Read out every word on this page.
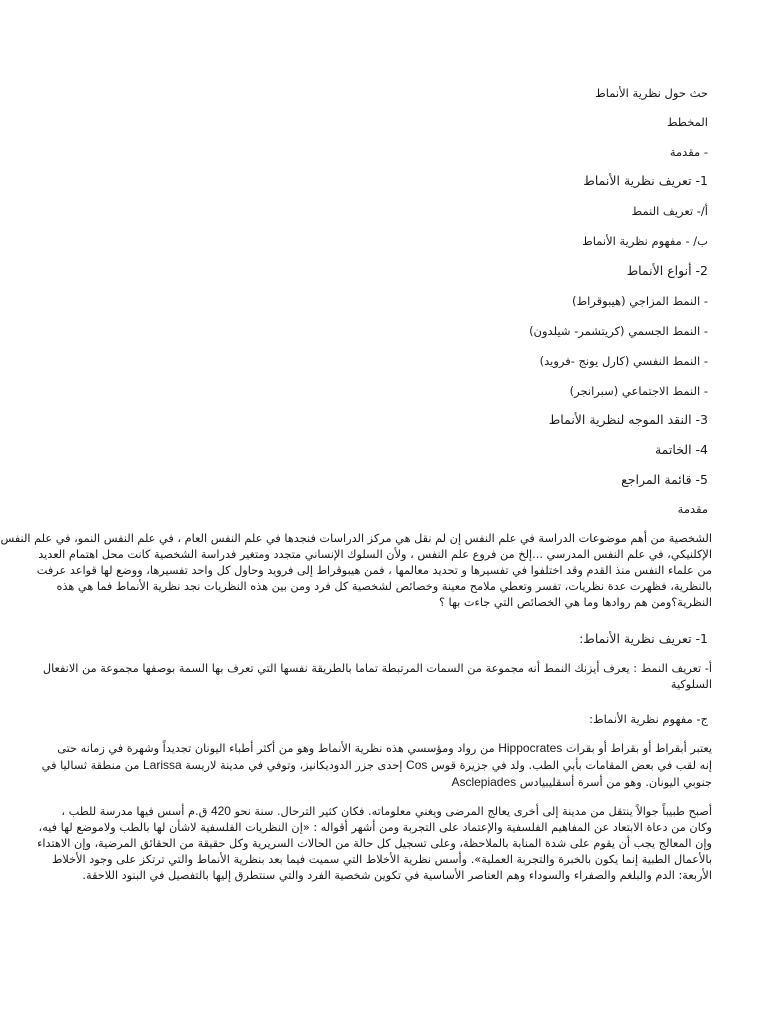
حث حول نظرية الأنماط
المخطط
- مقدمة
1- تعريف نظرية الأنماط
أ/- تعريف النمط
ب/ - مفهوم نظرية الأنماط
2- أنواع الأنماط
- النمط المزاجي (هيبوقراط)
- النمط الجسمي (كريتشمر- شيلدون)
- النمط النفسي (كارل يونج -فرويد)
- النمط الاجتماعي (سبرانجر)
3- النقد الموجه لنظرية الأنماط
4- الخاتمة
5- قائمة المراجع
مقدمة
الشخصية من أهم موضوعات الدراسة في علم النفس إن لم نقل هي مركز الدراسات فنجدها في علم النفس العام ، في علم النفس النمو، في علم النفس
الإكلنيكي، في علم النفس المدرسي ...إلخ من فروع علم النفس ، ولأن السلوك الإنساني متجدد ومتغير فدراسة الشخصية كانت محل اهتمام العديد
من علماء النفس منذ القدم وقد اختلفوا في تفسيرها و تحديد معالمها ، فمن هيبوقراط إلى فرويد وحاول كل واحد تفسيرها، ووضع لها قواعد عرفت
بالنظرية، فظهرت عدة نظريات، تفسر وتعطي ملامح معينة وخصائص لشخصية كل فرد ومن بين هذه النظريات نجد نظرية الأنماط فما هي هذه
النظرية؟ومن هم روادها وما هي الخصائص التي جاءت بها ؟
1- تعريف نظرية الأنماط:
أ- تعريف النمط : يعرف أيزنك النمط أنه مجموعة من السمات المرتبطة تماما بالطريقة نفسها التي تعرف بها السمة بوصفها مجموعة من الانفعال
السلوكية
ج- مفهوم نظرية الأنماط:
يعتبر أبقراط أو بقراط أو بقرات Hippocrates من رواد ومؤسسي هذه نظرية الأنماط وهو من أكثر أطباء اليونان تجديداً وشهرة في زمانه حتى
إنه لقب في بعض المقامات بأبي الطب. ولد في جزيرة قوس Cos إحدى جزر الدوديكانيز، وتوفي في مدينة لاريسة Larissa من منطقة ثساليا في
جنوبي اليونان. وهو من أسرة أسقليبيادس Asclepiades
أصبح طبيباً جوالاً ينتقل من مدينة إلى أخرى يعالج المرضى ويغني معلوماته. فكان كثير الترحال. سنة نحو 420 ق.م أسس فيها مدرسة للطب ،
وكان من دعاة الابتعاد عن المفاهيم الفلسفية والإعتماد على التجربة ومن أشهر أقواله : «إن النظريات الفلسفية لاشأن لها بالطب ولاموضع لها فيه،
وإن المعالج يجب أن يقوم على شدة المنابة بالملاحظة، وعلى تسجيل كل حالة من الحالات السريرية وكل حقيقة من الحقائق المرضية، وإن الاهتداء
بالأعمال الطبية إنما يكون بالخبرة والتجربة العملية». وأسس نظرية الأخلاط التي سميت فيما بعد بنظرية الأنماط والتي ترتكز على وجود الأخلاط
الأربعة: الدم والبلغم والصفراء والسوداء وهم العناصر الأساسية في تكوين شخصية الفرد والتي سنتطرق إليها بالتفصيل في البنود اللاحقة.
